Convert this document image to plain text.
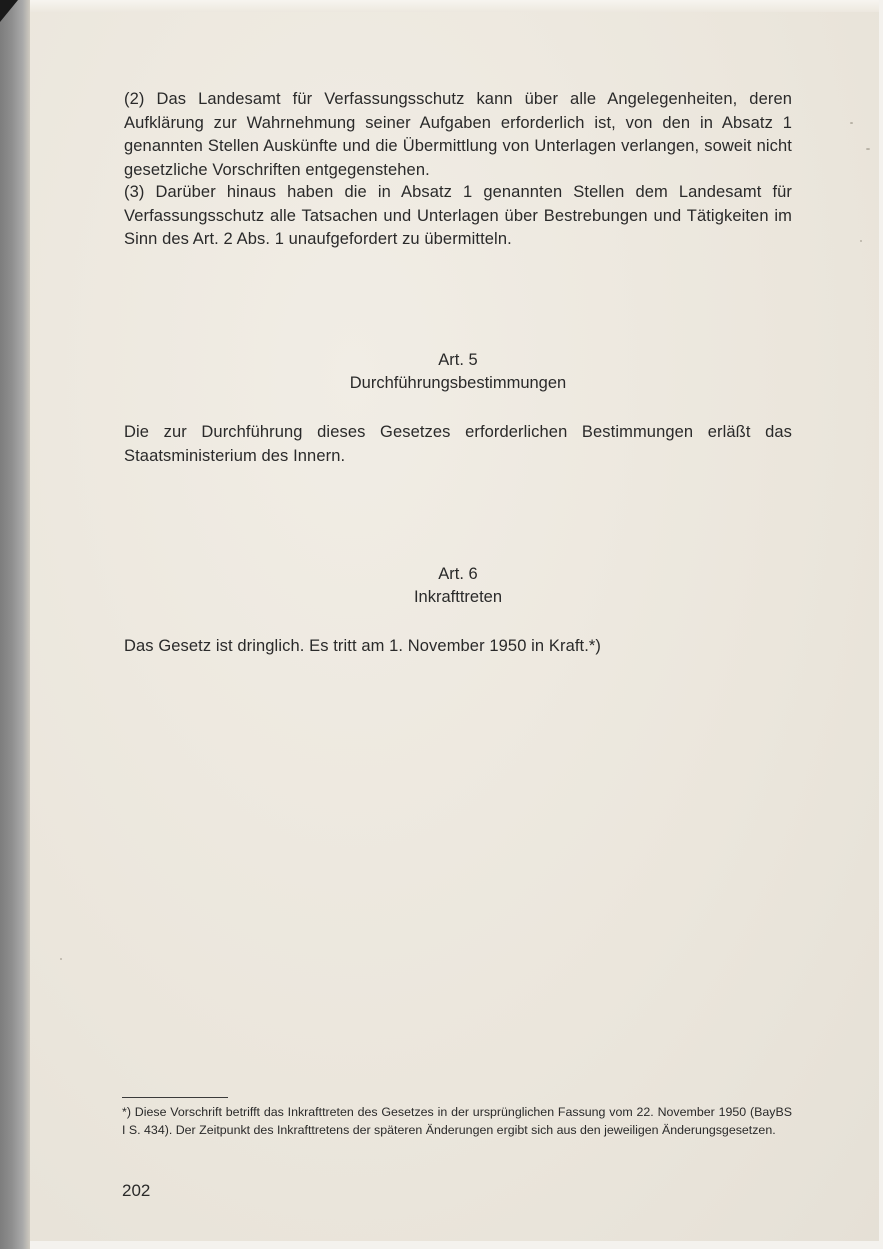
(2) Das Landesamt für Verfassungsschutz kann über alle Angelegenheiten, deren Aufklärung zur Wahrnehmung seiner Aufgaben erforderlich ist, von den in Absatz 1 genannten Stellen Auskünfte und die Übermittlung von Unterlagen verlangen, soweit nicht gesetzliche Vorschriften entgegenstehen.

(3) Darüber hinaus haben die in Absatz 1 genannten Stellen dem Landesamt für Verfassungsschutz alle Tatsachen und Unterlagen über Bestrebungen und Tätigkeiten im Sinn des Art. 2 Abs. 1 unaufgefordert zu übermitteln.

Art. 5

Durchführungsbestimmungen

Die zur Durchführung dieses Gesetzes erforderlichen Bestimmungen erläßt das Staatsministerium des Innern.

Art. 6

Inkrafttreten

Das Gesetz ist dringlich. Es tritt am 1. November 1950 in Kraft.*)

*) Diese Vorschrift betrifft das Inkrafttreten des Gesetzes in der ursprünglichen Fassung vom 22. November 1950 (BayBS I S. 434). Der Zeitpunkt des Inkrafttretens der späteren Änderungen ergibt sich aus den jeweiligen Änderungsgesetzen.

202
